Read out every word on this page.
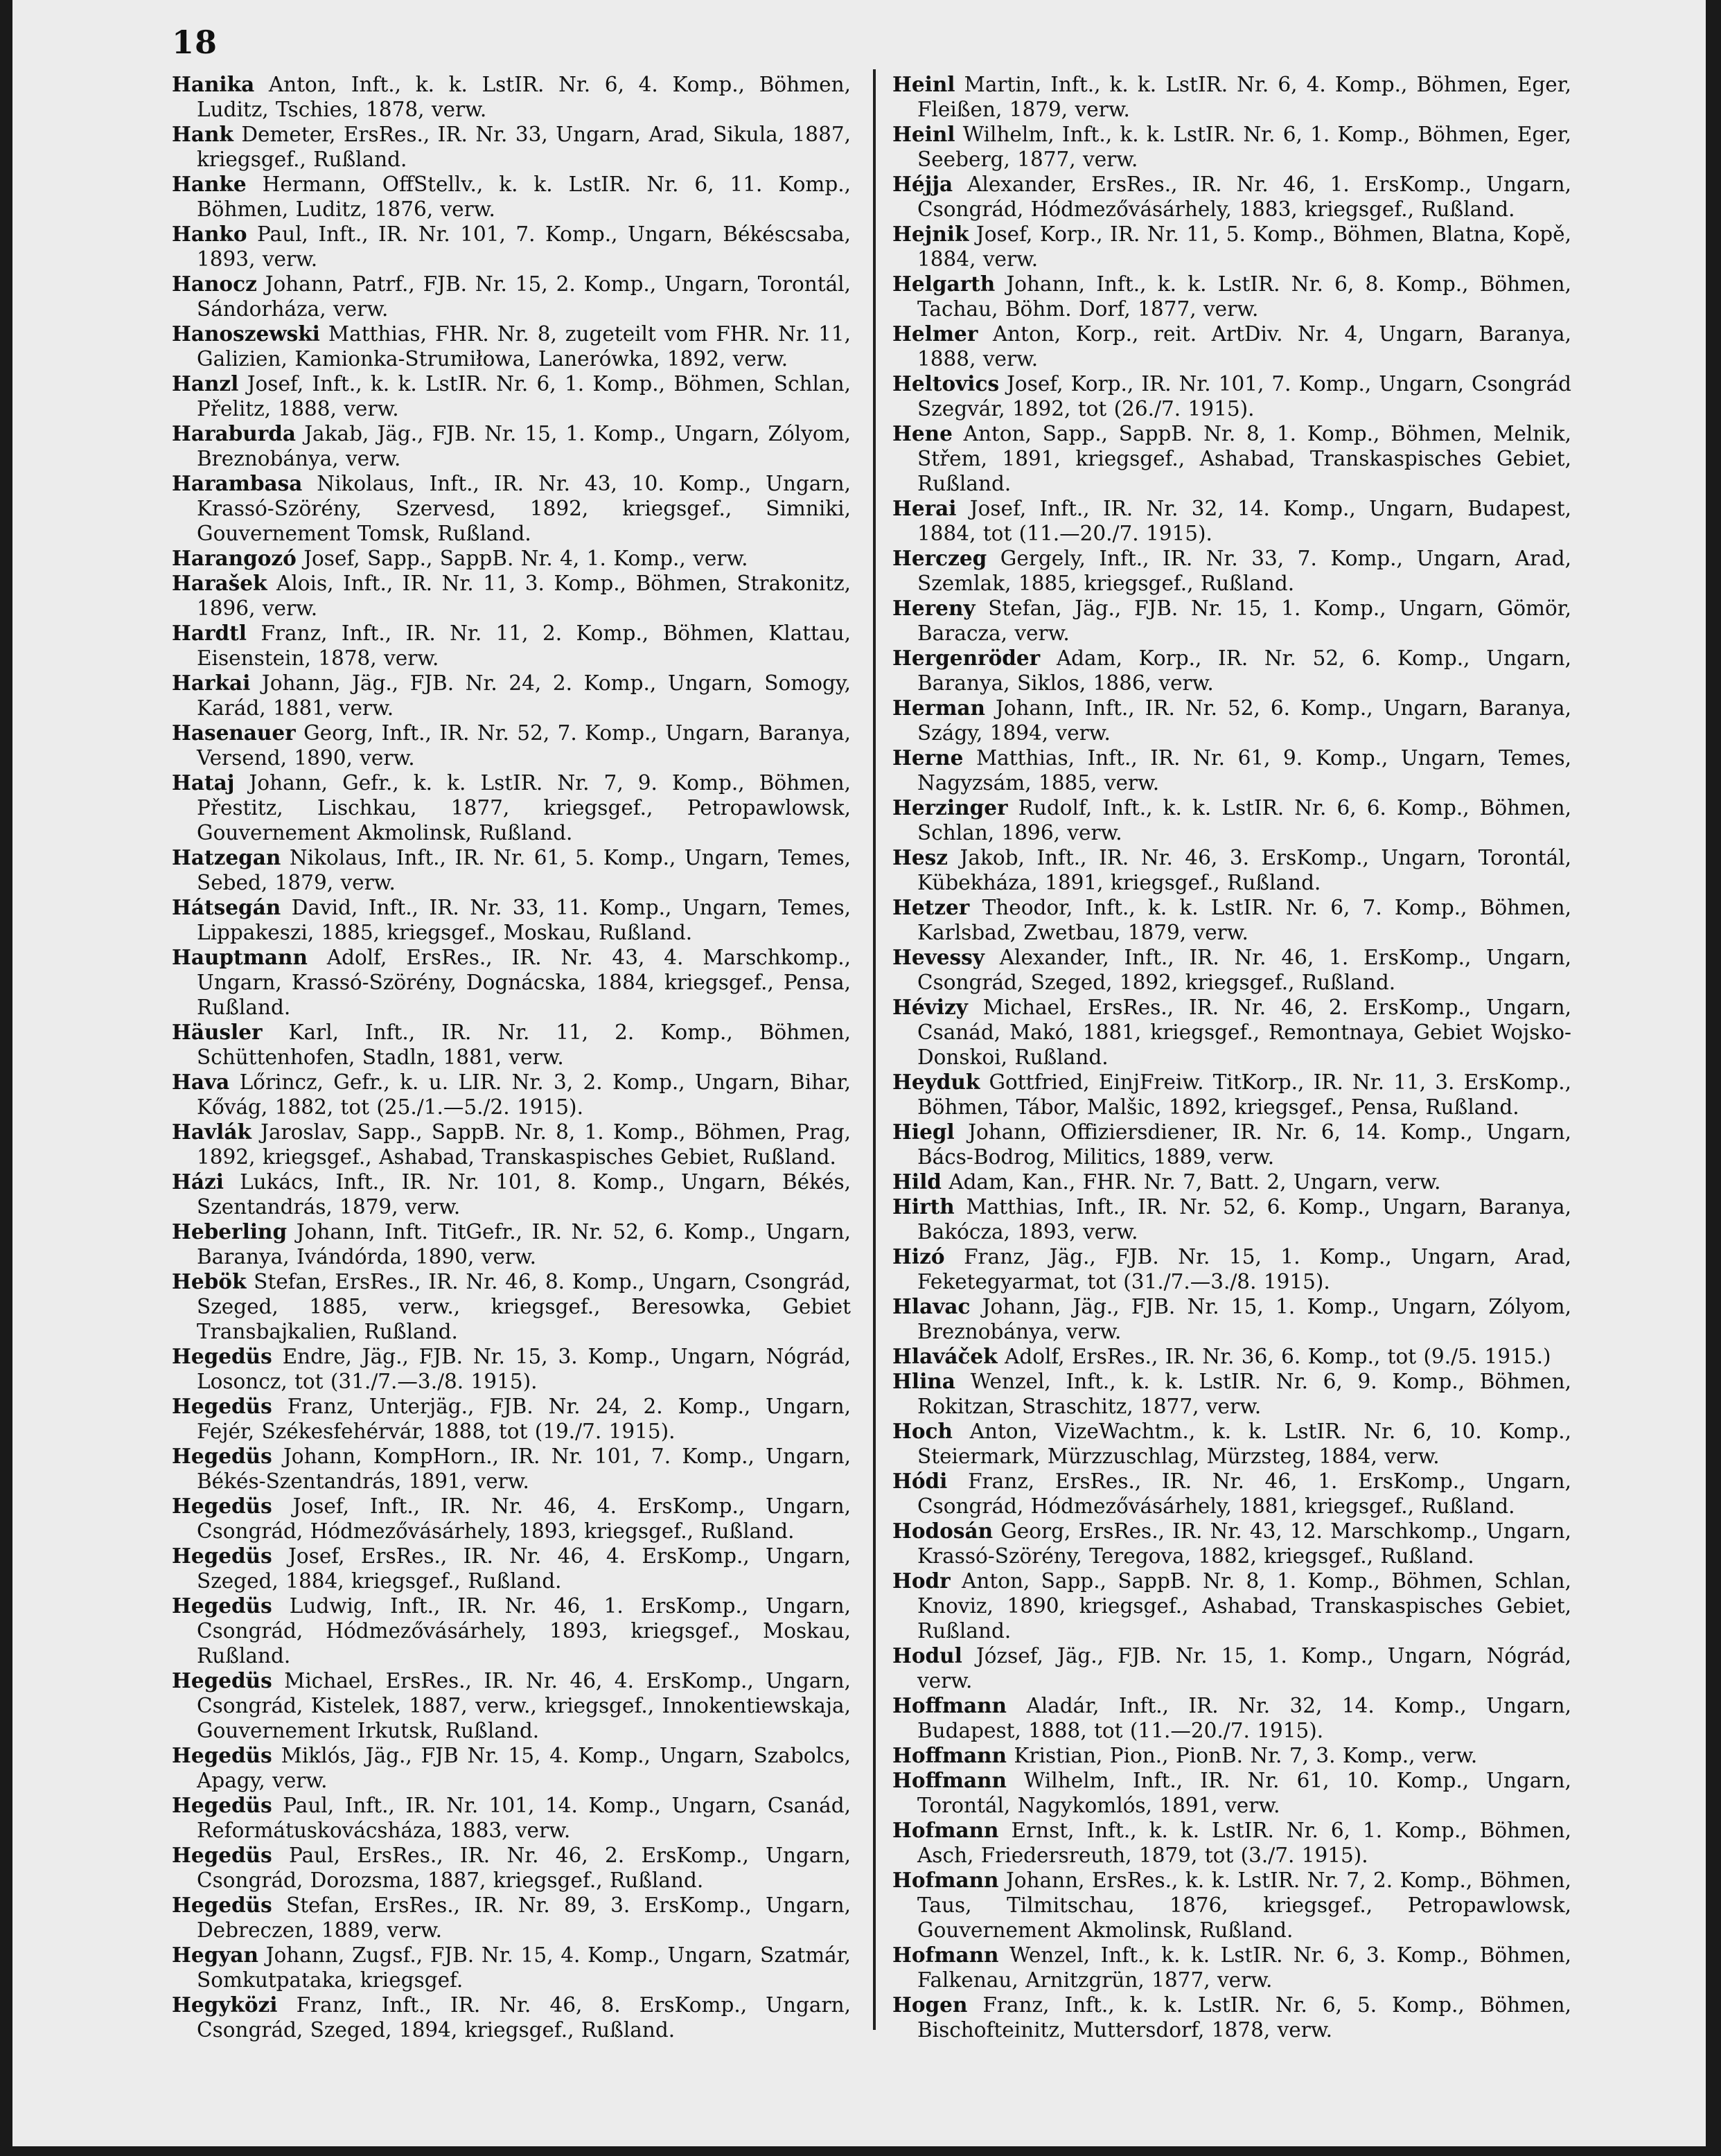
18

Hanika Anton, Inft., k. k. LstIR. Nr. 6, 4. Komp., Böhmen, Luditz, Tschies, 1878, verw.

Hank Demeter, ErsRes., IR. Nr. 33, Ungarn, Arad, Sikula, 1887, kriegsgef., Rußland.

Hanke Hermann, OffStellv., k. k. LstIR. Nr. 6, 11. Komp., Böhmen, Luditz, 1876, verw.

Hanko Paul, Inft., IR. Nr. 101, 7. Komp., Ungarn, Békéscsaba, 1893, verw.

Hanocz Johann, Patrf., FJB. Nr. 15, 2. Komp., Ungarn, Torontál, Sándorháza, verw.

Hanoszewski Matthias, FHR. Nr. 8, zugeteilt vom FHR. Nr. 11, Galizien, Kamionka-Strumiłowa, Lanerówka, 1892, verw.

Hanzl Josef, Inft., k. k. LstIR. Nr. 6, 1. Komp., Böhmen, Schlan, Přelitz, 1888, verw.

Haraburda Jakab, Jäg., FJB. Nr. 15, 1. Komp., Ungarn, Zólyom, Breznobánya, verw.

Harambasa Nikolaus, Inft., IR. Nr. 43, 10. Komp., Ungarn, Krassó-Szörény, Szervesd, 1892, kriegsgef., Simniki, Gouvernement Tomsk, Rußland.

Harangozó Josef, Sapp., SappB. Nr. 4, 1. Komp., verw.

Harašek Alois, Inft., IR. Nr. 11, 3. Komp., Böhmen, Strakonitz, 1896, verw.

Hardtl Franz, Inft., IR. Nr. 11, 2. Komp., Böhmen, Klattau, Eisenstein, 1878, verw.

Harkai Johann, Jäg., FJB. Nr. 24, 2. Komp., Ungarn, Somogy, Karád, 1881, verw.

Hasenauer Georg, Inft., IR. Nr. 52, 7. Komp., Ungarn, Baranya, Versend, 1890, verw.

Hataj Johann, Gefr., k. k. LstIR. Nr. 7, 9. Komp., Böhmen, Přestitz, Lischkau, 1877, kriegsgef., Petropawlowsk, Gouvernement Akmolinsk, Rußland.

Hatzegan Nikolaus, Inft., IR. Nr. 61, 5. Komp., Ungarn, Temes, Sebed, 1879, verw.

Hátsegán David, Inft., IR. Nr. 33, 11. Komp., Ungarn, Temes, Lippakeszi, 1885, kriegsgef., Moskau, Rußland.

Hauptmann Adolf, ErsRes., IR. Nr. 43, 4. Marschkomp., Ungarn, Krassó-Szörény, Dognácska, 1884, kriegsgef., Pensa, Rußland.

Häusler Karl, Inft., IR. Nr. 11, 2. Komp., Böhmen, Schüttenhofen, Stadln, 1881, verw.

Hava Lőrincz, Gefr., k. u. LIR. Nr. 3, 2. Komp., Ungarn, Bihar, Kővág, 1882, tot (25./1.—5./2. 1915).

Havlák Jaroslav, Sapp., SappB. Nr. 8, 1. Komp., Böhmen, Prag, 1892, kriegsgef., Ashabad, Transkaspisches Gebiet, Rußland.

Házi Lukács, Inft., IR. Nr. 101, 8. Komp., Ungarn, Békés, Szentandrás, 1879, verw.

Heberling Johann, Inft. TitGefr., IR. Nr. 52, 6. Komp., Ungarn, Baranya, Ivándórda, 1890, verw.

Hebök Stefan, ErsRes., IR. Nr. 46, 8. Komp., Ungarn, Csongrád, Szeged, 1885, verw., kriegsgef., Beresowka, Gebiet Transbajkalien, Rußland.

Hegedüs Endre, Jäg., FJB. Nr. 15, 3. Komp., Ungarn, Nógrád, Losoncz, tot (31./7.—3./8. 1915).

Hegedüs Franz, Unterjäg., FJB. Nr. 24, 2. Komp., Ungarn, Fejér, Székesfehérvár, 1888, tot (19./7. 1915).

Hegedüs Johann, KompHorn., IR. Nr. 101, 7. Komp., Ungarn, Békés-Szentandrás, 1891, verw.

Hegedüs Josef, Inft., IR. Nr. 46, 4. ErsKomp., Ungarn, Csongrád, Hódmezővásárhely, 1893, kriegsgef., Rußland.

Hegedüs Josef, ErsRes., IR. Nr. 46, 4. ErsKomp., Ungarn, Szeged, 1884, kriegsgef., Rußland.

Hegedüs Ludwig, Inft., IR. Nr. 46, 1. ErsKomp., Ungarn, Csongrád, Hódmezővásárhely, 1893, kriegsgef., Moskau, Rußland.

Hegedüs Michael, ErsRes., IR. Nr. 46, 4. ErsKomp., Ungarn, Csongrád, Kistelek, 1887, verw., kriegsgef., Innokentiewskaja, Gouvernement Irkutsk, Rußland.

Hegedüs Miklós, Jäg., FJB Nr. 15, 4. Komp., Ungarn, Szabolcs, Apagy, verw.

Hegedüs Paul, Inft., IR. Nr. 101, 14. Komp., Ungarn, Csanád, Reformátuskovácsháza, 1883, verw.

Hegedüs Paul, ErsRes., IR. Nr. 46, 2. ErsKomp., Ungarn, Csongrád, Dorozsma, 1887, kriegsgef., Rußland.

Hegedüs Stefan, ErsRes., IR. Nr. 89, 3. ErsKomp., Ungarn, Debreczen, 1889, verw.

Hegyan Johann, Zugsf., FJB. Nr. 15, 4. Komp., Ungarn, Szatmár, Somkutpataka, kriegsgef.

Hegyközi Franz, Inft., IR. Nr. 46, 8. ErsKomp., Ungarn, Csongrád, Szeged, 1894, kriegsgef., Rußland.

Heinl Martin, Inft., k. k. LstIR. Nr. 6, 4. Komp., Böhmen, Eger, Fleißen, 1879, verw.

Heinl Wilhelm, Inft., k. k. LstIR. Nr. 6, 1. Komp., Böhmen, Eger, Seeberg, 1877, verw.

Héjja Alexander, ErsRes., IR. Nr. 46, 1. ErsKomp., Ungarn, Csongrád, Hódmezővásárhely, 1883, kriegsgef., Rußland.

Hejnik Josef, Korp., IR. Nr. 11, 5. Komp., Böhmen, Blatna, Kopě, 1884, verw.

Helgarth Johann, Inft., k. k. LstIR. Nr. 6, 8. Komp., Böhmen, Tachau, Böhm. Dorf, 1877, verw.

Helmer Anton, Korp., reit. ArtDiv. Nr. 4, Ungarn, Baranya, 1888, verw.

Heltovics Josef, Korp., IR. Nr. 101, 7. Komp., Ungarn, Csongrád Szegvár, 1892, tot (26./7. 1915).

Hene Anton, Sapp., SappB. Nr. 8, 1. Komp., Böhmen, Melnik, Střem, 1891, kriegsgef., Ashabad, Transkaspisches Gebiet, Rußland.

Herai Josef, Inft., IR. Nr. 32, 14. Komp., Ungarn, Budapest, 1884, tot (11.—20./7. 1915).

Herczeg Gergely, Inft., IR. Nr. 33, 7. Komp., Ungarn, Arad, Szemlak, 1885, kriegsgef., Rußland.

Hereny Stefan, Jäg., FJB. Nr. 15, 1. Komp., Ungarn, Gömör, Baracza, verw.

Hergenröder Adam, Korp., IR. Nr. 52, 6. Komp., Ungarn, Baranya, Siklos, 1886, verw.

Herman Johann, Inft., IR. Nr. 52, 6. Komp., Ungarn, Baranya, Szágy, 1894, verw.

Herne Matthias, Inft., IR. Nr. 61, 9. Komp., Ungarn, Temes, Nagyzsám, 1885, verw.

Herzinger Rudolf, Inft., k. k. LstIR. Nr. 6, 6. Komp., Böhmen, Schlan, 1896, verw.

Hesz Jakob, Inft., IR. Nr. 46, 3. ErsKomp., Ungarn, Torontál, Kübekháza, 1891, kriegsgef., Rußland.

Hetzer Theodor, Inft., k. k. LstIR. Nr. 6, 7. Komp., Böhmen, Karlsbad, Zwetbau, 1879, verw.

Hevessy Alexander, Inft., IR. Nr. 46, 1. ErsKomp., Ungarn, Csongrád, Szeged, 1892, kriegsgef., Rußland.

Hévizy Michael, ErsRes., IR. Nr. 46, 2. ErsKomp., Ungarn, Csanád, Makó, 1881, kriegsgef., Remontnaya, Gebiet Wojsko-Donskoi, Rußland.

Heyduk Gottfried, EinjFreiw. TitKorp., IR. Nr. 11, 3. ErsKomp., Böhmen, Tábor, Malšic, 1892, kriegsgef., Pensa, Rußland.

Hiegl Johann, Offiziersdiener, IR. Nr. 6, 14. Komp., Ungarn, Bács-Bodrog, Militics, 1889, verw.

Hild Adam, Kan., FHR. Nr. 7, Batt. 2, Ungarn, verw.

Hirth Matthias, Inft., IR. Nr. 52, 6. Komp., Ungarn, Baranya, Bakócza, 1893, verw.

Hizó Franz, Jäg., FJB. Nr. 15, 1. Komp., Ungarn, Arad, Feketegyarmat, tot (31./7.—3./8. 1915).

Hlavac Johann, Jäg., FJB. Nr. 15, 1. Komp., Ungarn, Zólyom, Breznobánya, verw.

Hlaváček Adolf, ErsRes., IR. Nr. 36, 6. Komp., tot (9./5. 1915.)

Hlina Wenzel, Inft., k. k. LstIR. Nr. 6, 9. Komp., Böhmen, Rokitzan, Straschitz, 1877, verw.

Hoch Anton, VizeWachtm., k. k. LstIR. Nr. 6, 10. Komp., Steiermark, Mürzzuschlag, Mürzsteg, 1884, verw.

Hódi Franz, ErsRes., IR. Nr. 46, 1. ErsKomp., Ungarn, Csongrád, Hódmezővásárhely, 1881, kriegsgef., Rußland.

Hodosán Georg, ErsRes., IR. Nr. 43, 12. Marschkomp., Ungarn, Krassó-Szörény, Teregova, 1882, kriegsgef., Rußland.

Hodr Anton, Sapp., SappB. Nr. 8, 1. Komp., Böhmen, Schlan, Knoviz, 1890, kriegsgef., Ashabad, Transkaspisches Gebiet, Rußland.

Hodul József, Jäg., FJB. Nr. 15, 1. Komp., Ungarn, Nógrád, verw.

Hoffmann Aladár, Inft., IR. Nr. 32, 14. Komp., Ungarn, Budapest, 1888, tot (11.—20./7. 1915).

Hoffmann Kristian, Pion., PionB. Nr. 7, 3. Komp., verw.

Hoffmann Wilhelm, Inft., IR. Nr. 61, 10. Komp., Ungarn, Torontál, Nagykomlós, 1891, verw.

Hofmann Ernst, Inft., k. k. LstIR. Nr. 6, 1. Komp., Böhmen, Asch, Friedersreuth, 1879, tot (3./7. 1915).

Hofmann Johann, ErsRes., k. k. LstIR. Nr. 7, 2. Komp., Böhmen, Taus, Tilmitschau, 1876, kriegsgef., Petropawlowsk, Gouvernement Akmolinsk, Rußland.

Hofmann Wenzel, Inft., k. k. LstIR. Nr. 6, 3. Komp., Böhmen, Falkenau, Arnitzgrün, 1877, verw.

Hogen Franz, Inft., k. k. LstIR. Nr. 6, 5. Komp., Böhmen, Bischofteinitz, Muttersdorf, 1878, verw.
